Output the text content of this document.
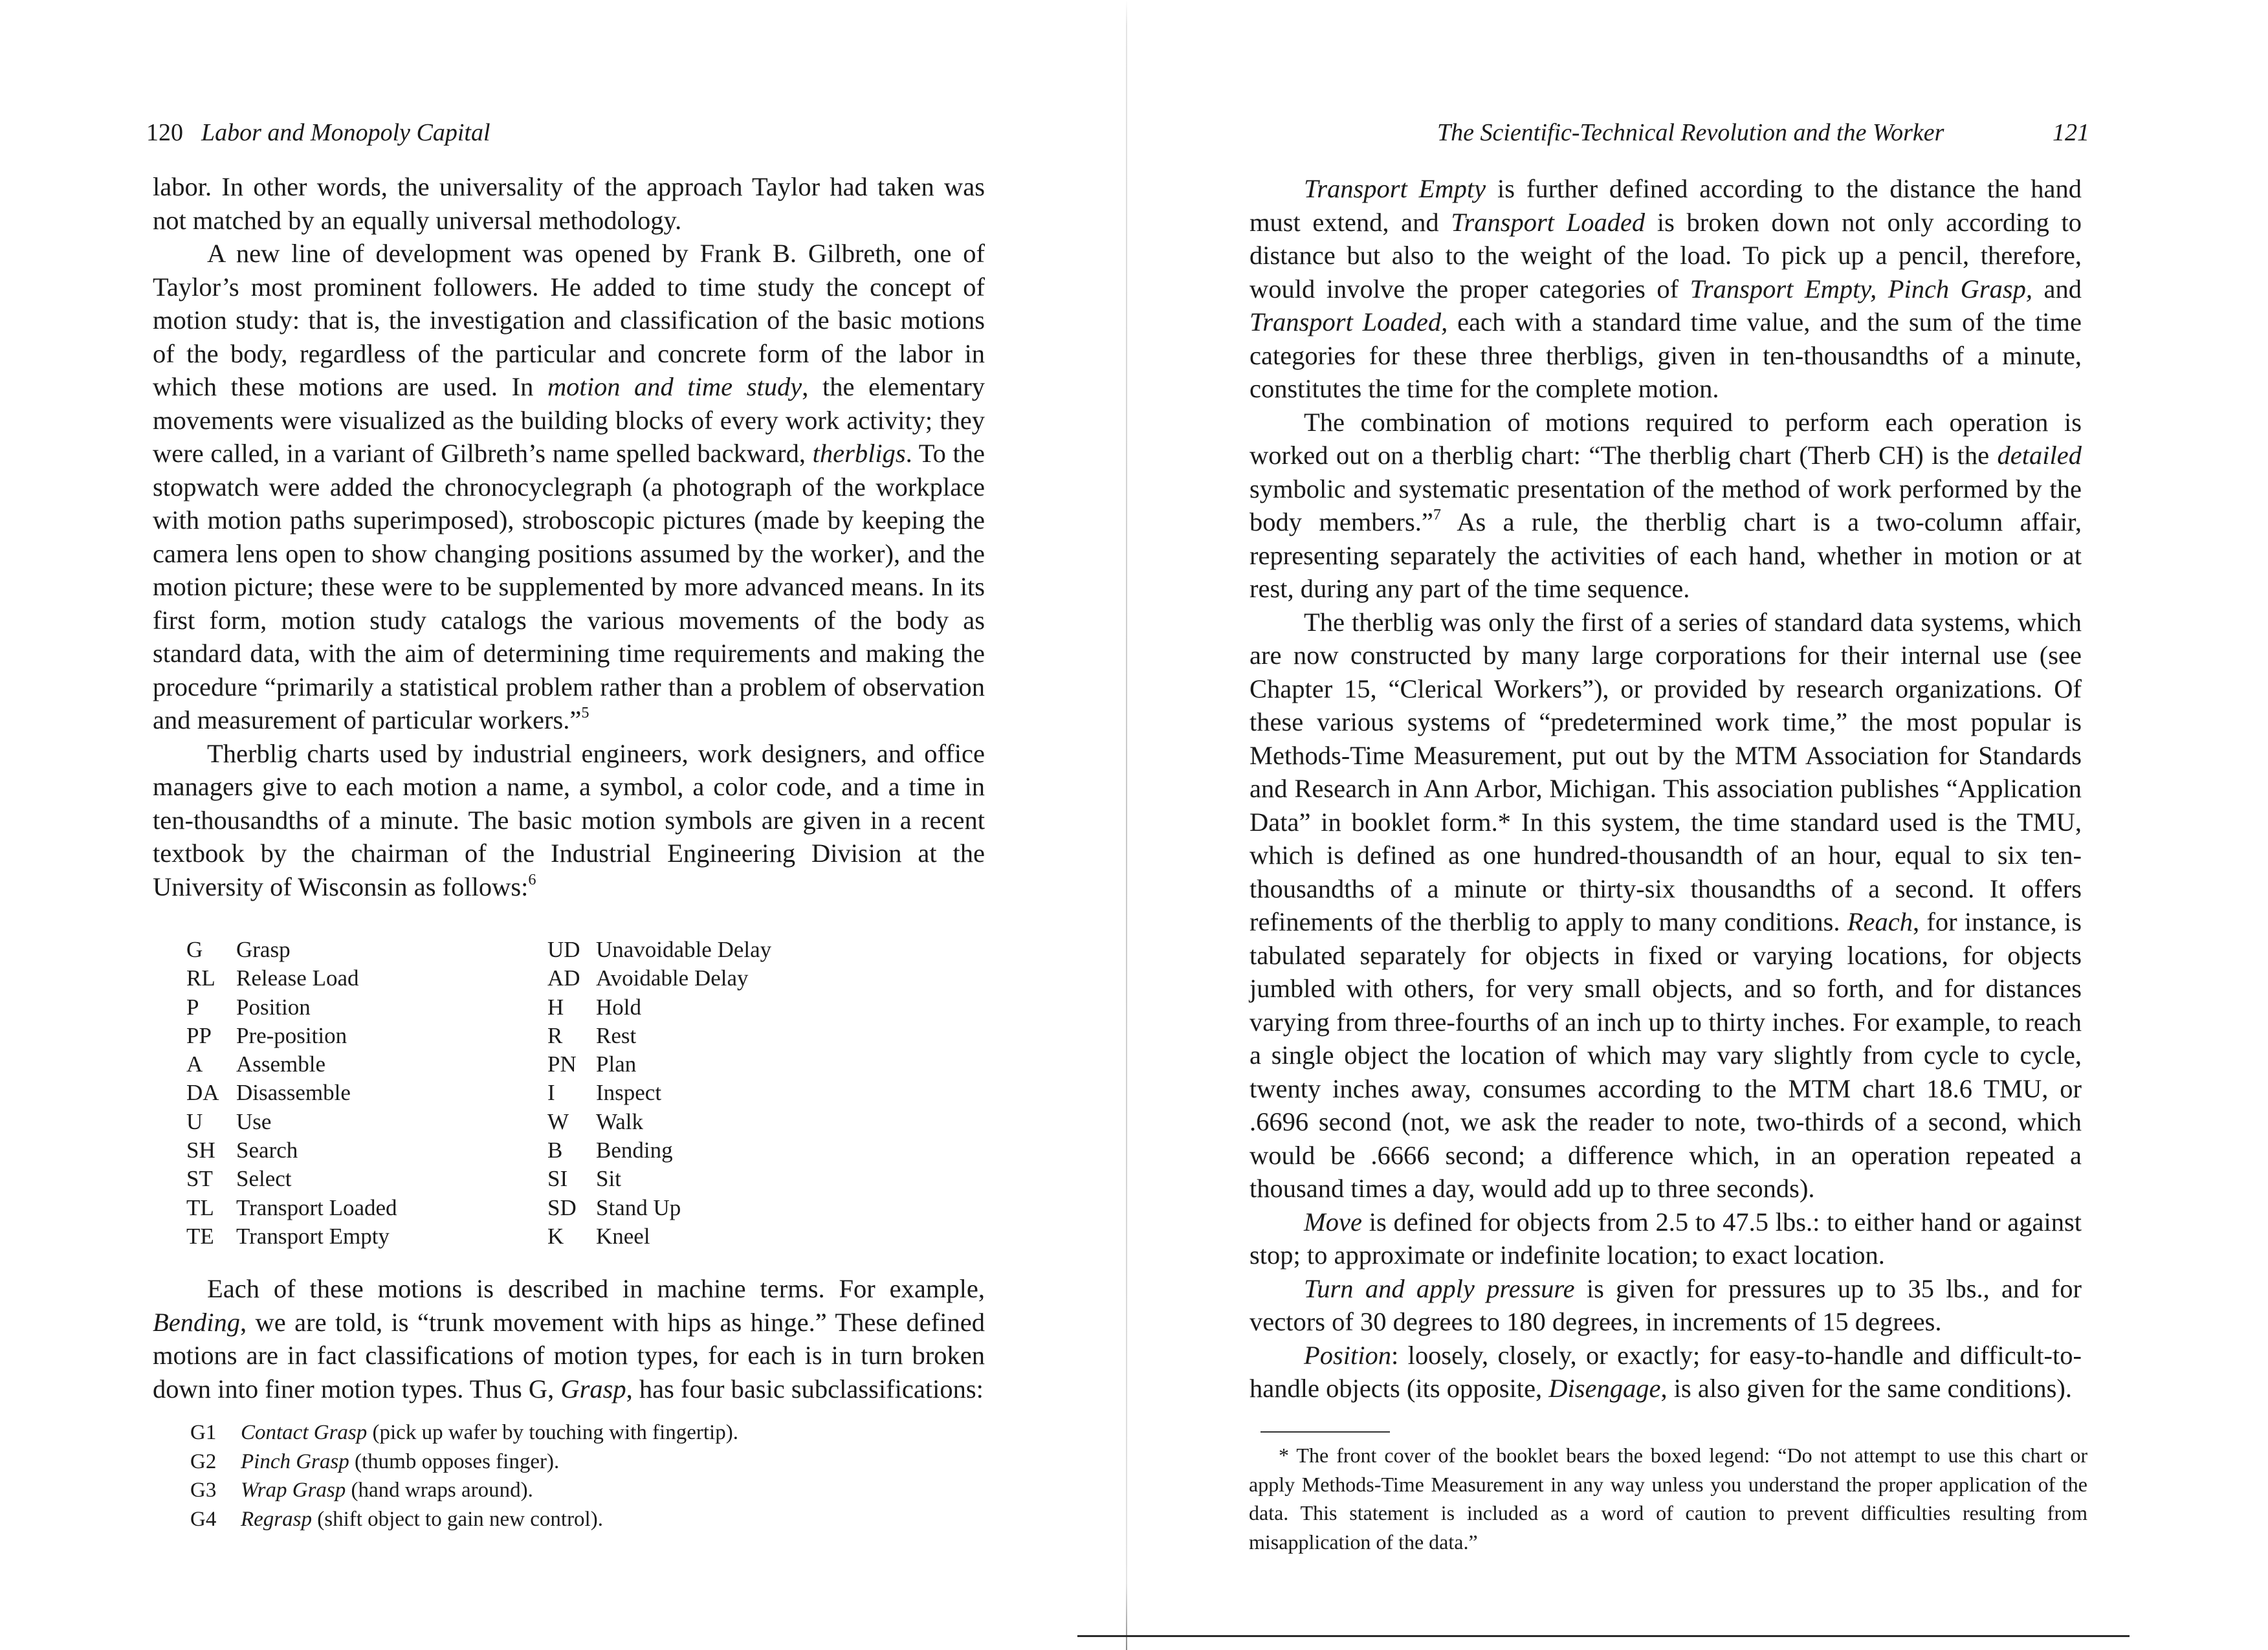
120 Labor and Monopoly Capital

labor. In other words, the universality of the approach Taylor had taken was not matched by an equally universal methodology.

A new line of development was opened by Frank B. Gilbreth, one of Taylor’s most prominent followers. He added to time study the concept of motion study: that is, the investigation and classification of the basic motions of the body, regardless of the particular and concrete form of the labor in which these motions are used. In motion and time study, the elementary movements were visualized as the building blocks of every work activity; they were called, in a variant of Gilbreth’s name spelled backward, therbligs. To the stopwatch were added the chronocyclegraph (a photograph of the workplace with motion paths superimposed), stroboscopic pictures (made by keeping the camera lens open to show changing positions assumed by the worker), and the motion picture; these were to be supplemented by more advanced means. In its first form, motion study catalogs the various movements of the body as standard data, with the aim of determining time requirements and making the procedure “primarily a statistical problem rather than a problem of observation and measurement of particular workers.”$^5$

Therblig charts used by industrial engineers, work designers, and office managers give to each motion a name, a symbol, a color code, and a time in ten-thousandths of a minute. The basic motion symbols are given in a recent textbook by the chairman of the Industrial Engineering Division at the University of Wisconsin as follows:$^6$

G	Grasp
RL Release Load
P	Position
PP	Pre-position
A	Assemble
DA Disassemble
U	Use
SH Search
ST	Select
TL Transport Loaded
TE Transport Empty
UD Unavoidable Delay
AD Avoidable Delay
H	Hold
R	Rest
PN Plan
I	Inspect
W	Walk
B	Bending
SI	Sit
SD Stand Up
K	Kneel

Each of these motions is described in machine terms. For example, Bending, we are told, is “trunk movement with hips as hinge.” These defined motions are in fact classifications of motion types, for each is in turn broken down into finer motion types. Thus G, Grasp, has four basic subclassifications:

G1 Contact Grasp (pick up wafer by touching with fingertip).
G2 Pinch Grasp (thumb opposes finger).
G3 Wrap Grasp (hand wraps around).
G4 Regrasp (shift object to gain new control).
The Scientific-Technical Revolution and the Worker	121

Transport Empty is further defined according to the distance the hand must extend, and Transport Loaded is broken down not only according to distance but also to the weight of the load. To pick up a pencil, therefore, would involve the proper categories of Transport Empty, Pinch Grasp, and Transport Loaded, each with a standard time value, and the sum of the time categories for these three therbligs, given in ten-thousandths of a minute, constitutes the time for the complete motion.

The combination of motions required to perform each operation is worked out on a therblig chart: “The therblig chart (Therb CH) is the detailed symbolic and systematic presentation of the method of work performed by the body members.”$^7$ As a rule, the therblig chart is a two-column affair, representing separately the activities of each hand, whether in motion or at rest, during any part of the time sequence.

The therblig was only the first of a series of standard data systems, which are now constructed by many large corporations for their internal use (see Chapter 15, “Clerical Workers”), or provided by research organizations. Of these various systems of “predetermined work time,” the most popular is Methods-Time Measurement, put out by the MTM Association for Standards and Research in Ann Arbor, Michigan. This association publishes “Application Data” in booklet form.* In this system, the time standard used is the TMU, which is defined as one hundred-thousandth of an hour, equal to six ten-thousandths of a minute or thirty-six thousandths of a second. It offers refinements of the therblig to apply to many conditions. Reach, for instance, is tabulated separately for objects in fixed or varying locations, for objects jumbled with others, for very small objects, and so forth, and for distances varying from three-fourths of an inch up to thirty inches. For example, to reach a single object the location of which may vary slightly from cycle to cycle, twenty inches away, consumes according to the MTM chart 18.6 TMU, or .6696 second (not, we ask the reader to note, two-thirds of a second, which would be .6666 second; a difference which, in an operation repeated a thousand times a day, would add up to three seconds).

Move is defined for objects from 2.5 to 47.5 lbs.: to either hand or against stop; to approximate or indefinite location; to exact location.

Turn and apply pressure is given for pressures up to 35 lbs., and for vectors of 30 degrees to 180 degrees, in increments of 15 degrees.

Position: loosely, closely, or exactly; for easy-to-handle and difficult-to-handle objects (its opposite, Disengage, is also given for the same conditions).

* The front cover of the booklet bears the boxed legend: “Do not attempt to use this chart or apply Methods-Time Measurement in any way unless you understand the proper application of the data. This statement is included as a word of caution to prevent difficulties resulting from misapplication of the data.”
